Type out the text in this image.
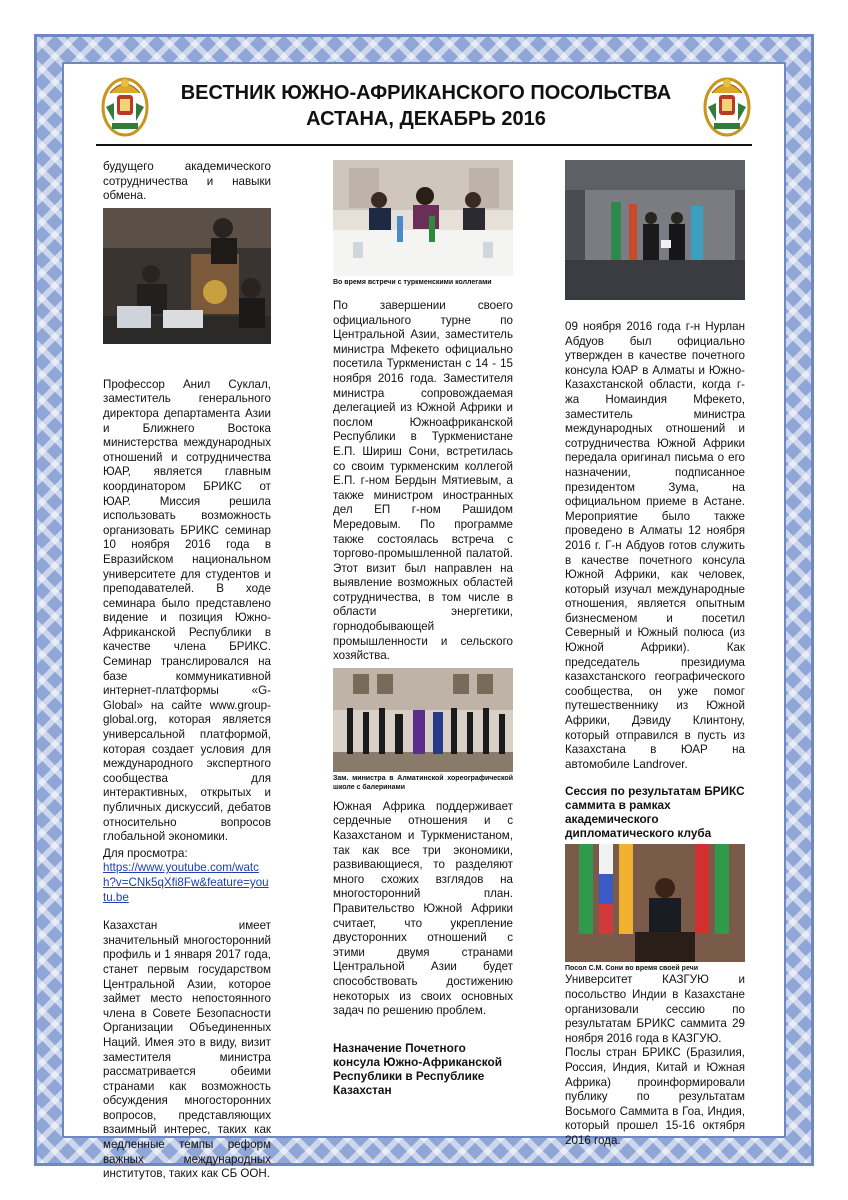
ВЕСТНИК ЮЖНО-АФРИКАНСКОГО ПОСОЛЬСТВА
АСТАНА, ДЕКАБРЬ 2016

будущего академического сотрудничества и навыки обмена.

Профессор Анил Суклал, заместитель генерального директора департамента Азии и Ближнего Востока министерства международных отношений и сотрудничества ЮАР, является главным координатором БРИКС от ЮАР. Миссия решила использовать возможность организовать БРИКС семинар 10 ноября 2016 года в Евразийском национальном университете для студентов и преподавателей. В ходе семинара было представлено видение и позиция Южно-Африканской Республики в качестве члена БРИКС. Семинар транслировался на базе коммуникативной интернет-платформы «G-Global» на сайте www.group-global.org, которая является универсальной платформой, которая создает условия для международного экспертного сообщества для интерактивных, открытых и публичных дискуссий, дебатов относительно вопросов глобальной экономики.

Для просмотра:

https://www.youtube.com/watch?v=CNk5qXfi8Fw&feature=youtu.be

Казахстан имеет значительный многосторонний профиль и 1 января 2017 года, станет первым государством Центральной Азии, которое займет место непостоянного члена в Совете Безопасности Организации Объединенных Наций. Имея это в виду, визит заместителя министра рассматривается обеими странами как возможность обсуждения многосторонних вопросов, представляющих взаимный интерес, таких как медленные темпы реформ важных международных институтов, таких как СБ ООН.

Во время встречи с туркменскими коллегами

По завершении своего официального турне по Центральной Азии, заместитель министра Мфекето официально посетила Туркменистан с 14 - 15 ноября 2016 года. Заместителя министра сопровождаемая делегацией из Южной Африки и послом Южноафриканской Республики в Туркменистане Е.П. Шириш Сони, встретилась со своим туркменским коллегой Е.П. г-ном Бердын Мятиевым, а также министром иностранных дел ЕП г-ном Рашидом Мередовым. По программе также состоялась встреча с торгово-промышленной палатой. Этот визит был направлен на выявление возможных областей сотрудничества, в том числе в области энергетики, горнодобывающей промышленности и сельского хозяйства.

Зам. министра в Алматинской хореографической школе с балеринами

Южная Африка поддерживает сердечные отношения и с Казахстаном и Туркменистаном, так как все три экономики, развивающиеся, то разделяют много схожих взглядов на многосторонний план. Правительство Южной Африки считает, что укрепление двусторонних отношений с этими двумя странами Центральной Азии будет способствовать достижению некоторых из своих основных задач по решению проблем.

Назначение Почетного консула Южно-Африканской Республики в Республике Казахстан

09 ноября 2016 года г-н Нурлан Абдуов был официально утвержден в качестве почетного консула ЮАР в Алматы и Южно-Казахстанской области, когда г-жа Номаиндия Мфекето, заместитель министра международных отношений и сотрудничества Южной Африки передала оригинал письма о его назначении, подписанное президентом Зума, на официальном приеме в Астане. Мероприятие было также проведено в Алматы 12 ноября 2016 г. Г-н Абдуов готов служить в качестве почетного консула Южной Африки, как человек, который изучал международные отношения, является опытным бизнесменом и посетил Северный и Южный полюса (из Южной Африки). Как председатель президиума казахстанского географического сообщества, он уже помог путешественнику из Южной Африки, Дэвиду Клинтону, который отправился в пусть из Казахстана в ЮАР на автомобиле Landrover.

Сессия по результатам БРИКС саммита в рамках академического дипломатического клуба
Посол С.М. Сони во время своей речи

Университет КАЗГУЮ и посольство Индии в Казахстане организовали сессию по результатам БРИКС саммита 29 ноября 2016 года в КАЗГУЮ.

Послы стран БРИКС (Бразилия, Россия, Индия, Китай и Южная Африка) проинформировали публику по результатам Восьмого Саммита в Гоа, Индия, который прошел 15-16 октября 2016 года.
